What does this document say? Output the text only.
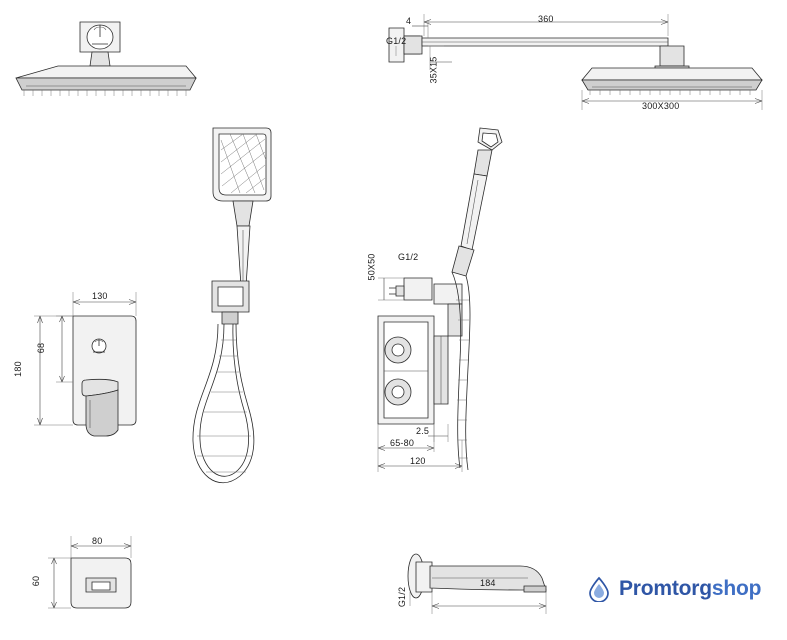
360
4
G1/2
35X15
300X300
130
180
68
50X50 G1/2
2.5
65-80
120
80
60
G1/2
184	Promtorgshop
